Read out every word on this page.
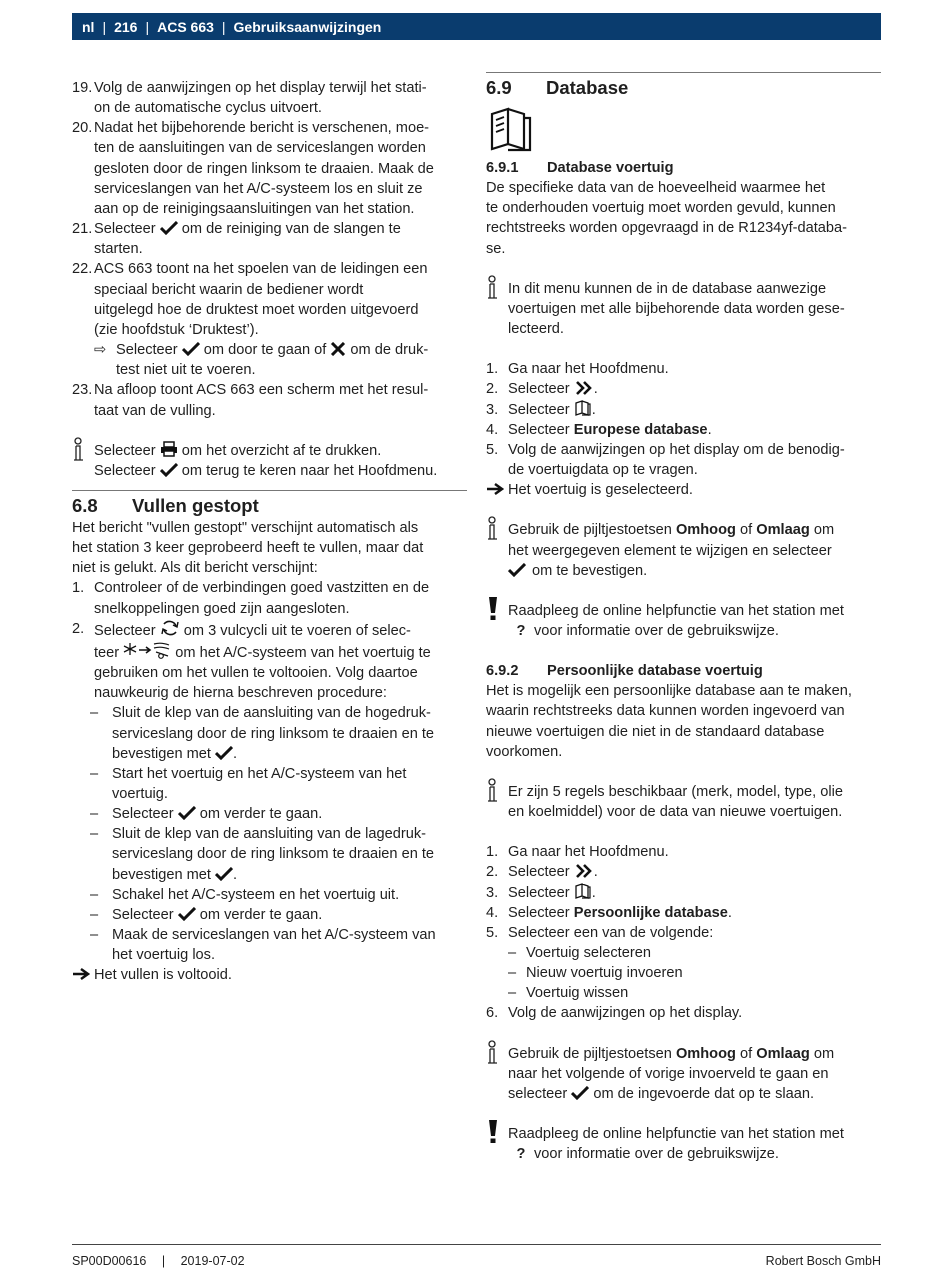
nl | 216 | ACS 663 | Gebruiksaanwijzingen
19. Volg de aanwijzingen op het display terwijl het stati-
on de automatische cyclus uitvoert.
20. Nadat het bijbehorende bericht is verschenen, moe-
ten de aansluitingen van de serviceslangen worden
gesloten door de ringen linksom te draaien. Maak de
serviceslangen van het A/C-systeem los en sluit ze
aan op de reinigingsaansluitingen van het station.
21. Selecteer om de reiniging van de slangen te
starten.
22. ACS 663 toont na het spoelen van de leidingen een
speciaal bericht waarin de bediener wordt
uitgelegd hoe de druktest moet worden uitgevoerd
(zie hoofdstuk ‘Druktest’).
⇨ Selecteer om door te gaan of om de druk-
test niet uit te voeren.
23. Na afloop toont ACS 663 een scherm met het resul-
taat van de vulling.
Selecteer om het overzicht af te drukken.
Selecteer om terug te keren naar het Hoofdmenu.
6.8	Vullen gestopt
Het bericht "vullen gestopt" verschijnt automatisch als
het station 3 keer geprobeerd heeft te vullen, maar dat
niet is gelukt. Als dit bericht verschijnt:
1. Controleer of de verbindingen goed vastzitten en de
snelkoppelingen goed zijn aangesloten.
2. Selecteer om 3 vulcycli uit te voeren of selec-
teer	om het A/C-systeem van het voertuig te
gebruiken om het vullen te voltooien. Volg daartoe
nauwkeurig de hierna beschreven procedure:
– Sluit de klep van de aansluiting van de hogedruk-
serviceslang door de ring linksom te draaien en te
bevestigen met .
– Start het voertuig en het A/C-systeem van het
voertuig.
– Selecteer om verder te gaan.
– Sluit de klep van de aansluiting van de lagedruk-
serviceslang door de ring linksom te draaien en te
bevestigen met .
– Schakel het A/C-systeem en het voertuig uit.
– Selecteer om verder te gaan.
– Maak de serviceslangen van het A/C-systeem van
het voertuig los.
Het vullen is voltooid.
6.9	Database
6.9.1	Database voertuig
De specifieke data van de hoeveelheid waarmee het
te onderhouden voertuig moet worden gevuld, kunnen
rechtstreeks worden opgevraagd in de R1234yf-databa-
se.
In dit menu kunnen de in de database aanwezige
voertuigen met alle bijbehorende data worden gese-
lecteerd.
1. Ga naar het Hoofdmenu.
2. Selecteer .
3. Selecteer .
4. Selecteer Europese database.
5. Volg de aanwijzingen op het display om de benodig-
de voertuigdata op te vragen.
Het voertuig is geselecteerd.
Gebruik de pijltjestoetsen Omhoog of Omlaag om
het weergegeven element te wijzigen en selecteer
om te bevestigen.
Raadpleeg de online helpfunctie van het station met
? voor informatie over de gebruikswijze.
6.9.2	Persoonlijke database voertuig
Het is mogelijk een persoonlijke database aan te maken,
waarin rechtstreeks data kunnen worden ingevoerd van
nieuwe voertuigen die niet in de standaard database
voorkomen.
Er zijn 5 regels beschikbaar (merk, model, type, olie
en koelmiddel) voor de data van nieuwe voertuigen.
1. Ga naar het Hoofdmenu.
2. Selecteer .
3. Selecteer .
4. Selecteer Persoonlijke database.
5. Selecteer een van de volgende:
– Voertuig selecteren
– Nieuw voertuig invoeren
– Voertuig wissen
6. Volg de aanwijzingen op het display.
Gebruik de pijltjestoetsen Omhoog of Omlaag om
naar het volgende of vorige invoerveld te gaan en
selecteer om de ingevoerde dat op te slaan.
Raadpleeg de online helpfunctie van het station met
? voor informatie over de gebruikswijze.
SP00D00616 | 2019-07-02	Robert Bosch GmbH
